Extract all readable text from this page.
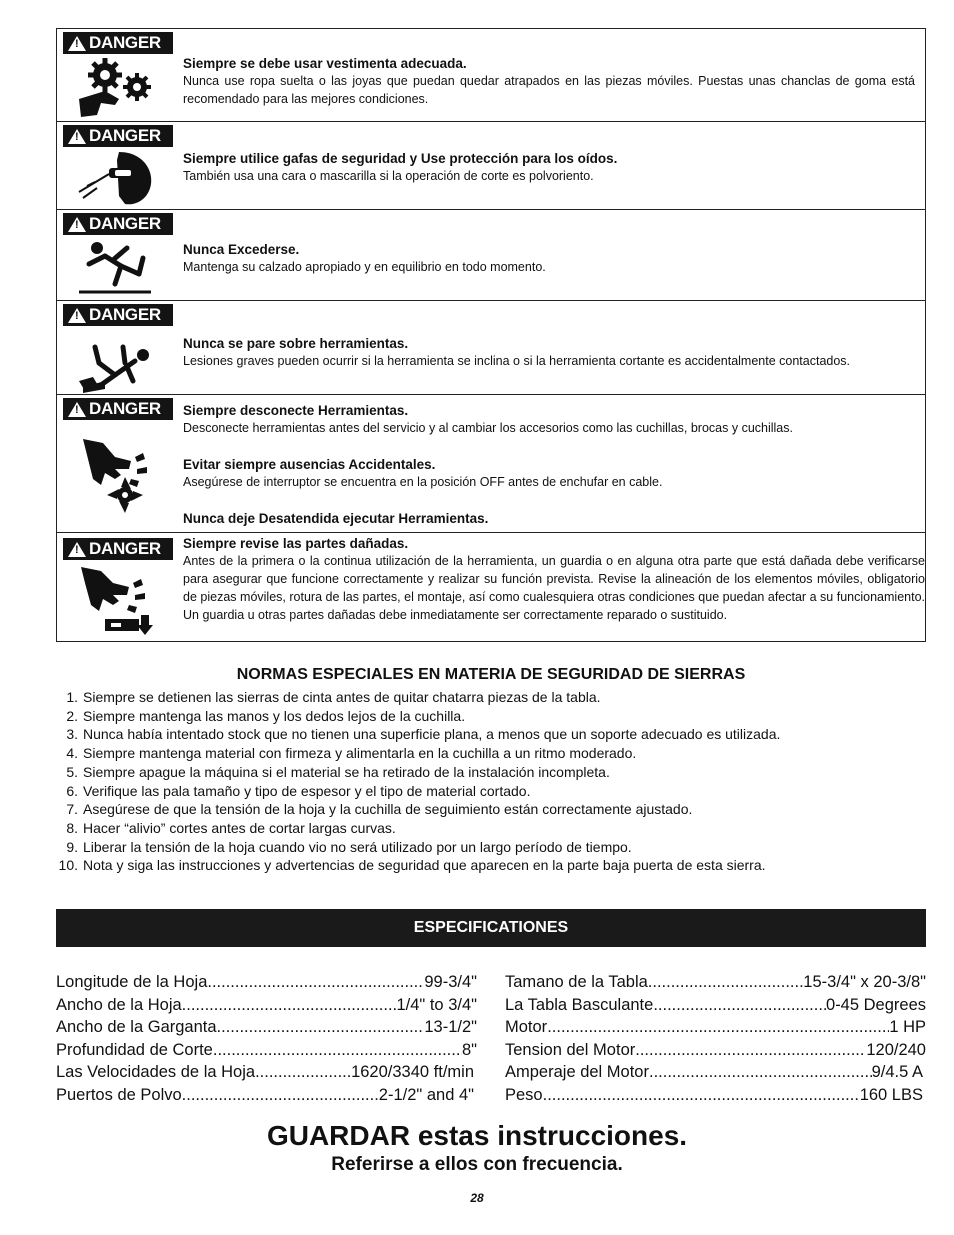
!
DANGER
Siempre se debe usar vestimenta adecuada.
Nunca use ropa suelta o las joyas que puedan quedar atrapados en las piezas móviles. Puestas unas chanclas de goma está recomendado para las mejores condiciones.
!
DANGER
Siempre utilice gafas de seguridad y Use protección para los oídos.
También usa una cara o mascarilla si la operación de corte es polvoriento.
!
DANGER
Nunca Excederse.
Mantenga su calzado apropiado y en equilibrio en todo momento.
!
DANGER
Nunca se pare sobre herramientas.
Lesiones graves pueden ocurrir si la herramienta se inclina o si la herramienta cortante es accidentalmente contactados.
!
DANGER Siempre desconecte Herramientas.
Desconecte herramientas antes del servicio y al cambiar los accesorios como las cuchillas, brocas y cuchillas.
Evitar siempre ausencias Accidentales.
Asegúrese de interruptor se encuentra en la posición OFF antes de enchufar en cable.
Nunca deje Desatendida ejecutar Herramientas.
!
DANGER Siempre revise las partes dañadas.
Antes de la primera o la continua utilización de la herramienta, un guardia o en alguna otra parte que está dañada debe verificarse para asegurar que funcione correctamente y realizar su función prevista. Revise la alineación de los elementos móviles, obligatorio de piezas móviles, rotura de las partes, el montaje, así como cualesquiera otras condiciones que puedan afectar a su funcionamiento. Un guardia u otras partes dañadas debe inmediatamente ser correctamente reparado o sustituido.
NORMAS ESPECIALES EN MATERIA DE SEGURIDAD DE SIERRAS
1. Siempre se detienen las sierras de cinta antes de quitar chatarra piezas de la tabla.
2. Siempre mantenga las manos y los dedos lejos de la cuchilla.
3. Nunca había intentado stock que no tienen una superficie plana, a menos que un soporte adecuado es utilizada.
4. Siempre mantenga material con firmeza y alimentarla en la cuchilla a un ritmo moderado.
5. Siempre apague la máquina si el material se ha retirado de la instalación incompleta.
6. Verifique las pala tamaño y tipo de espesor y el tipo de material cortado.
7. Asegúrese de que la tensión de la hoja y la cuchilla de seguimiento están correctamente ajustado.
8. Hacer “alivio” cortes antes de cortar largas curvas.
9. Liberar la tensión de la hoja cuando vio no será utilizado por un largo período de tiempo.
10. Nota y siga las instrucciones y advertencias de seguridad que aparecen en la parte baja puerta de esta sierra.
ESPECIFICATIONES
Longitude de la Hoja .....	99-3/4"
Ancho de la Hoja .....	1/4" to 3/4"
Ancho de la Garganta .....	13-1/2"
Profundidad de Corte .....	8"
Las Velocidades de la Hoja .....	1620/3340 ft/min
Puertos de Polvo .....	2-1/2" and 4"
Tamano de la Tabla .....	15-3/4" x 20-3/8"
La Tabla Basculante .....	0-45 Degrees
Motor .....	1 HP
Tension del Motor .....	120/240
Amperaje del Motor .....	9/4.5 A
Peso .....	160 LBS
GUARDAR estas instrucciones.
Referirse a ellos con frecuencia.
28
